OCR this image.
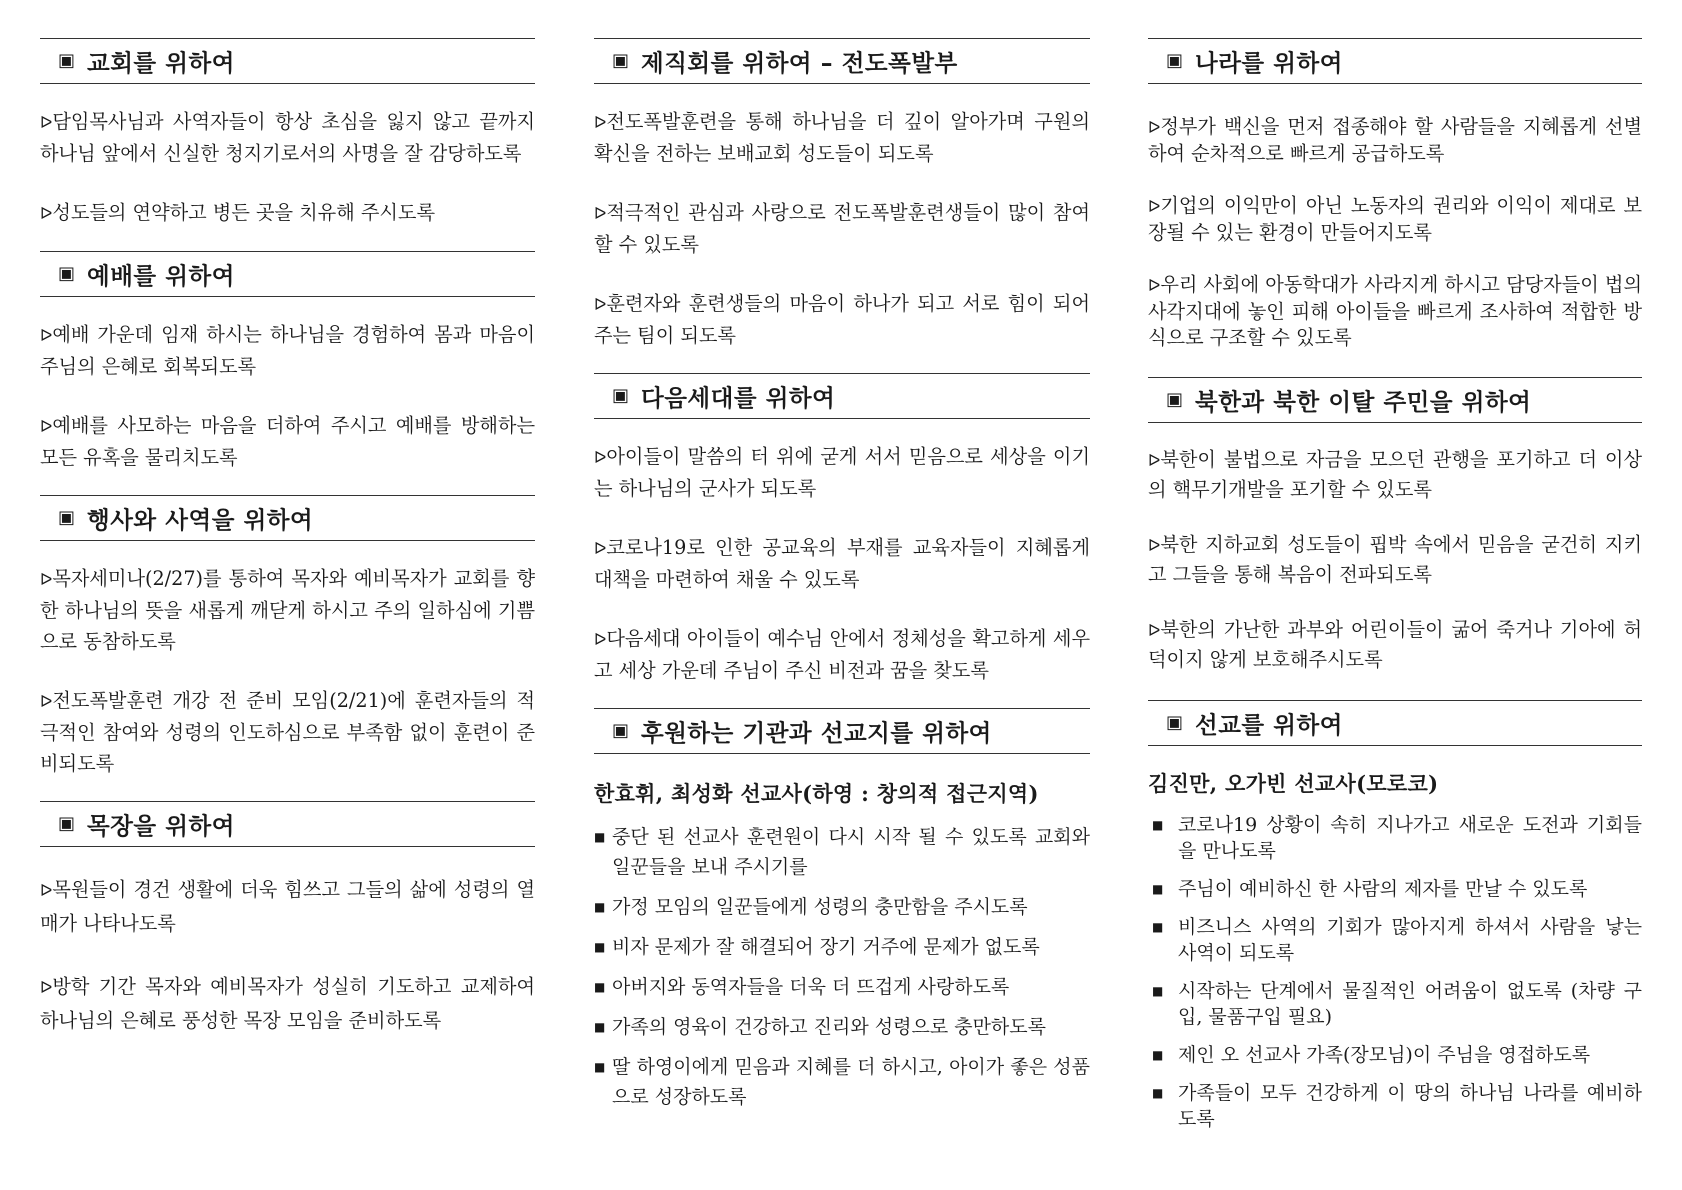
▣ 교회를 위하여

ᐅ담임목사님과 사역자들이 항상 초심을 잃지 않고 끝까지 하나님 앞에서 신실한 청지기로서의 사명을 잘 감당하도록

ᐅ성도들의 연약하고 병든 곳을 치유해 주시도록

▣ 예배를 위하여

ᐅ예배 가운데 임재 하시는 하나님을 경험하여 몸과 마음이 주님의 은혜로 회복되도록

ᐅ예배를 사모하는 마음을 더하여 주시고 예배를 방해하는 모든 유혹을 물리치도록

▣ 행사와 사역을 위하여

ᐅ목자세미나(2/27)를 통하여 목자와 예비목자가 교회를 향한 하나님의 뜻을 새롭게 깨닫게 하시고 주의 일하심에 기쁨으로 동참하도록

ᐅ전도폭발훈련 개강 전 준비 모임(2/21)에 훈련자들의 적극적인 참여와 성령의 인도하심으로 부족함 없이 훈련이 준비되도록

▣ 목장을 위하여

ᐅ목원들이 경건 생활에 더욱 힘쓰고 그들의 삶에 성령의 열매가 나타나도록

ᐅ방학 기간 목자와 예비목자가 성실히 기도하고 교제하여 하나님의 은혜로 풍성한 목장 모임을 준비하도록

▣ 제직회를 위하여 – 전도폭발부

ᐅ전도폭발훈련을 통해 하나님을 더 깊이 알아가며 구원의 확신을 전하는 보배교회 성도들이 되도록

ᐅ적극적인 관심과 사랑으로 전도폭발훈련생들이 많이 참여할 수 있도록

ᐅ훈련자와 훈련생들의 마음이 하나가 되고 서로 힘이 되어주는 팀이 되도록

▣ 다음세대를 위하여

ᐅ아이들이 말씀의 터 위에 굳게 서서 믿음으로 세상을 이기는 하나님의 군사가 되도록

ᐅ코로나19로 인한 공교육의 부재를 교육자들이 지혜롭게 대책을 마련하여 채울 수 있도록

ᐅ다음세대 아이들이 예수님 안에서 정체성을 확고하게 세우고 세상 가운데 주님이 주신 비전과 꿈을 찾도록

▣ 후원하는 기관과 선교지를 위하여
한효휘, 최성화 선교사(하영 : 창의적 접근지역)
■ 중단 된 선교사 훈련원이 다시 시작 될 수 있도록 교회와 일꾼들을 보내 주시기를
■ 가정 모임의 일꾼들에게 성령의 충만함을 주시도록
■ 비자 문제가 잘 해결되어 장기 거주에 문제가 없도록
■ 아버지와 동역자들을 더욱 더 뜨겁게 사랑하도록
■ 가족의 영육이 건강하고 진리와 성령으로 충만하도록
■ 딸 하영이에게 믿음과 지혜를 더 하시고, 아이가 좋은 성품으로 성장하도록
▣ 나라를 위하여

ᐅ정부가 백신을 먼저 접종해야 할 사람들을 지혜롭게 선별하여 순차적으로 빠르게 공급하도록

ᐅ기업의 이익만이 아닌 노동자의 권리와 이익이 제대로 보장될 수 있는 환경이 만들어지도록

ᐅ우리 사회에 아동학대가 사라지게 하시고 담당자들이 법의 사각지대에 놓인 피해 아이들을 빠르게 조사하여 적합한 방식으로 구조할 수 있도록

▣ 북한과 북한 이탈 주민을 위하여

ᐅ북한이 불법으로 자금을 모으던 관행을 포기하고 더 이상의 핵무기개발을 포기할 수 있도록

ᐅ북한 지하교회 성도들이 핍박 속에서 믿음을 굳건히 지키고 그들을 통해 복음이 전파되도록

ᐅ북한의 가난한 과부와 어린이들이 굶어 죽거나 기아에 허덕이지 않게 보호해주시도록

▣ 선교를 위하여
김진만, 오가빈 선교사(모로코)
■ 코로나19 상황이 속히 지나가고 새로운 도전과 기회들을 만나도록
■ 주님이 예비하신 한 사람의 제자를 만날 수 있도록
■ 비즈니스 사역의 기회가 많아지게 하셔서 사람을 낳는 사역이 되도록
■ 시작하는 단계에서 물질적인 어려움이 없도록 (차량 구입, 물품구입 필요)
■ 제인 오 선교사 가족(장모님)이 주님을 영접하도록
■ 가족들이 모두 건강하게 이 땅의 하나님 나라를 예비하도록
